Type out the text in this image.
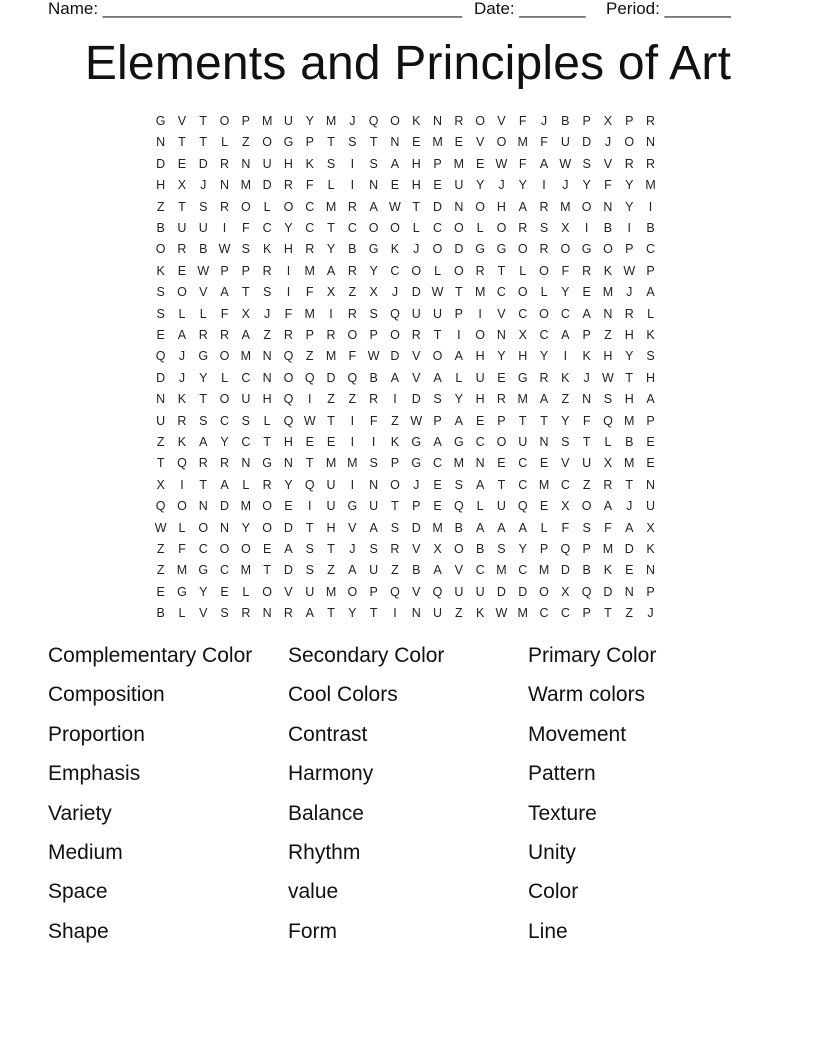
Name: ______________________________________ Date: _______ Period: _______
Elements and Principles of Art
G V	T	O P M U	Y M	J	Q O K	N R O V	F	J	B	P	X	P	R
N	T	T	L	Z	O G P	T	S	T	N	E M E	V O M F	U D	J	O N
D	E	D R N U H	K	S	I	S	A	H	P M E W F	A W S	V	R R
H	X	J	N M D R	F	L	I	N	E	H	E	U	Y	J	Y	I	J	Y	F	Y M
Z	T	S	R O	L	O C M R	A W T	D N O H	A	R M O N	Y	I
B	U U	I	F	C	Y	C	T	C O O	L	C O	L	O R	S	X	I	B	I	B
O R	B W S	K	H R	Y	B G K	J	O D G G O R O G O P	C
K	E W P	P	R	I	M A	R	Y	C O	L	O R	T	L	O	F	R	K W P
S O V	A	T	S	I	F	X	Z	X	J	D W T M C O	L	Y	E M	J	A
S	L	L	F	X	J	F M	I	R	S Q U U	P	I	V	C O C	A	N R	L
E	A	R R	A	Z	R	P	R O P O R	T	I	O N	X	C	A	P	Z	H	K
Q	J	G O M N Q	Z M F W D	V O A	H	Y	H	Y	I	K	H	Y	S
D	J	Y	L	C N O Q D Q B	A	V	A	L	U	E G R	K	J W T	H
N	K	T	O U H Q	I	Z	Z	R	I	D	S	Y	H R M A	Z	N	S	H	A
U R	S	C	S	L	Q W T	I	F	Z W P	A	E	P	T	T	Y	F	Q M P
Z	K	A	Y	C	T	H	E	E	I	I	K G A G C O U N	S	T	L	B	E
T	Q R R N G N	T M M S	P G C M N	E	C	E	V	U	X M E
X	I	T	A	L	R	Y Q U	I	N O	J	E	S	A	T	C M C	Z	R	T	N
Q O N D M O E	I	U G U	T	P	E Q	L	U Q E	X O A	J	U
W L	O N	Y O D	T	H	V	A	S	D M B	A	A	A	L	F	S	F	A	X
Z	F	C O O E	A	S	T	J	S	R	V	X O B	S	Y	P Q P M D	K
Z M G C M T	D	S	Z	A	U	Z	B	A	V	C M C M D	B	K	E	N
E G Y	E	L	O V	U M O P Q V Q U U D D O X Q D N	P
B	L	V	S	R N R	A	T	Y	T	I	N U	Z	K W M C C	P	T	Z	J
Complementary Color Secondary Color	Primary Color
Composition	Cool Colors	Warm colors
Proportion	Contrast	Movement
Emphasis	Harmony	Pattern
Variety	Balance	Texture
Medium	Rhythm	Unity
Space	value	Color
Shape	Form	Line
